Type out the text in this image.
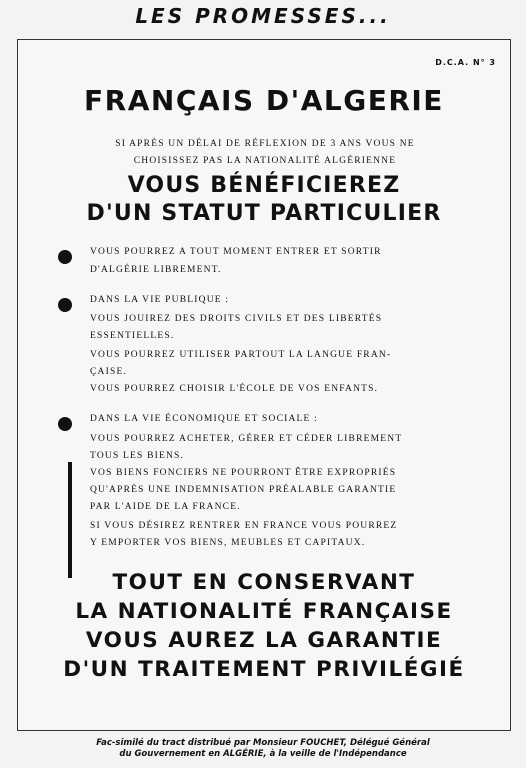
LES PROMESSES...
D.C.A. N° 3
FRANÇAIS D'ALGERIE
SI APRÈS UN DÉLAI DE RÉFLEXION DE 3 ANS VOUS NE
CHOISISSEZ PAS LA NATIONALITÉ ALGÉRIENNE
VOUS BÉNÉFICIEREZ
D'UN STATUT PARTICULIER
VOUS POURREZ A TOUT MOMENT ENTRER ET SORTIR
D'ALGÉRIE LIBREMENT.
DANS LA VIE PUBLIQUE :
VOUS JOUIREZ DES DROITS CIVILS ET DES LIBERTÉS
ESSENTIELLES.
VOUS POURREZ UTILISER PARTOUT LA LANGUE FRAN-
ÇAISE.
VOUS POURREZ CHOISIR L'ÉCOLE DE VOS ENFANTS.
DANS LA VIE ÉCONOMIQUE ET SOCIALE :
VOUS POURREZ ACHETER, GÉRER ET CÉDER LIBREMENT
TOUS LES BIENS.
VOS BIENS FONCIERS NE POURRONT ÊTRE EXPROPRIÉS
QU'APRÈS UNE INDEMNISATION PRÉALABLE GARANTIE
PAR L'AIDE DE LA FRANCE.
SI VOUS DÉSIREZ RENTRER EN FRANCE VOUS POURREZ
Y EMPORTER VOS BIENS, MEUBLES ET CAPITAUX.
TOUT EN CONSERVANT
LA NATIONALITÉ FRANÇAISE
VOUS AUREZ LA GARANTIE
D'UN TRAITEMENT PRIVILÉGIÉ
Fac-similé du tract distribué par Monsieur FOUCHET, Délégué Général
du Gouvernement en ALGÉRIE, à la veille de l'Indépendance
